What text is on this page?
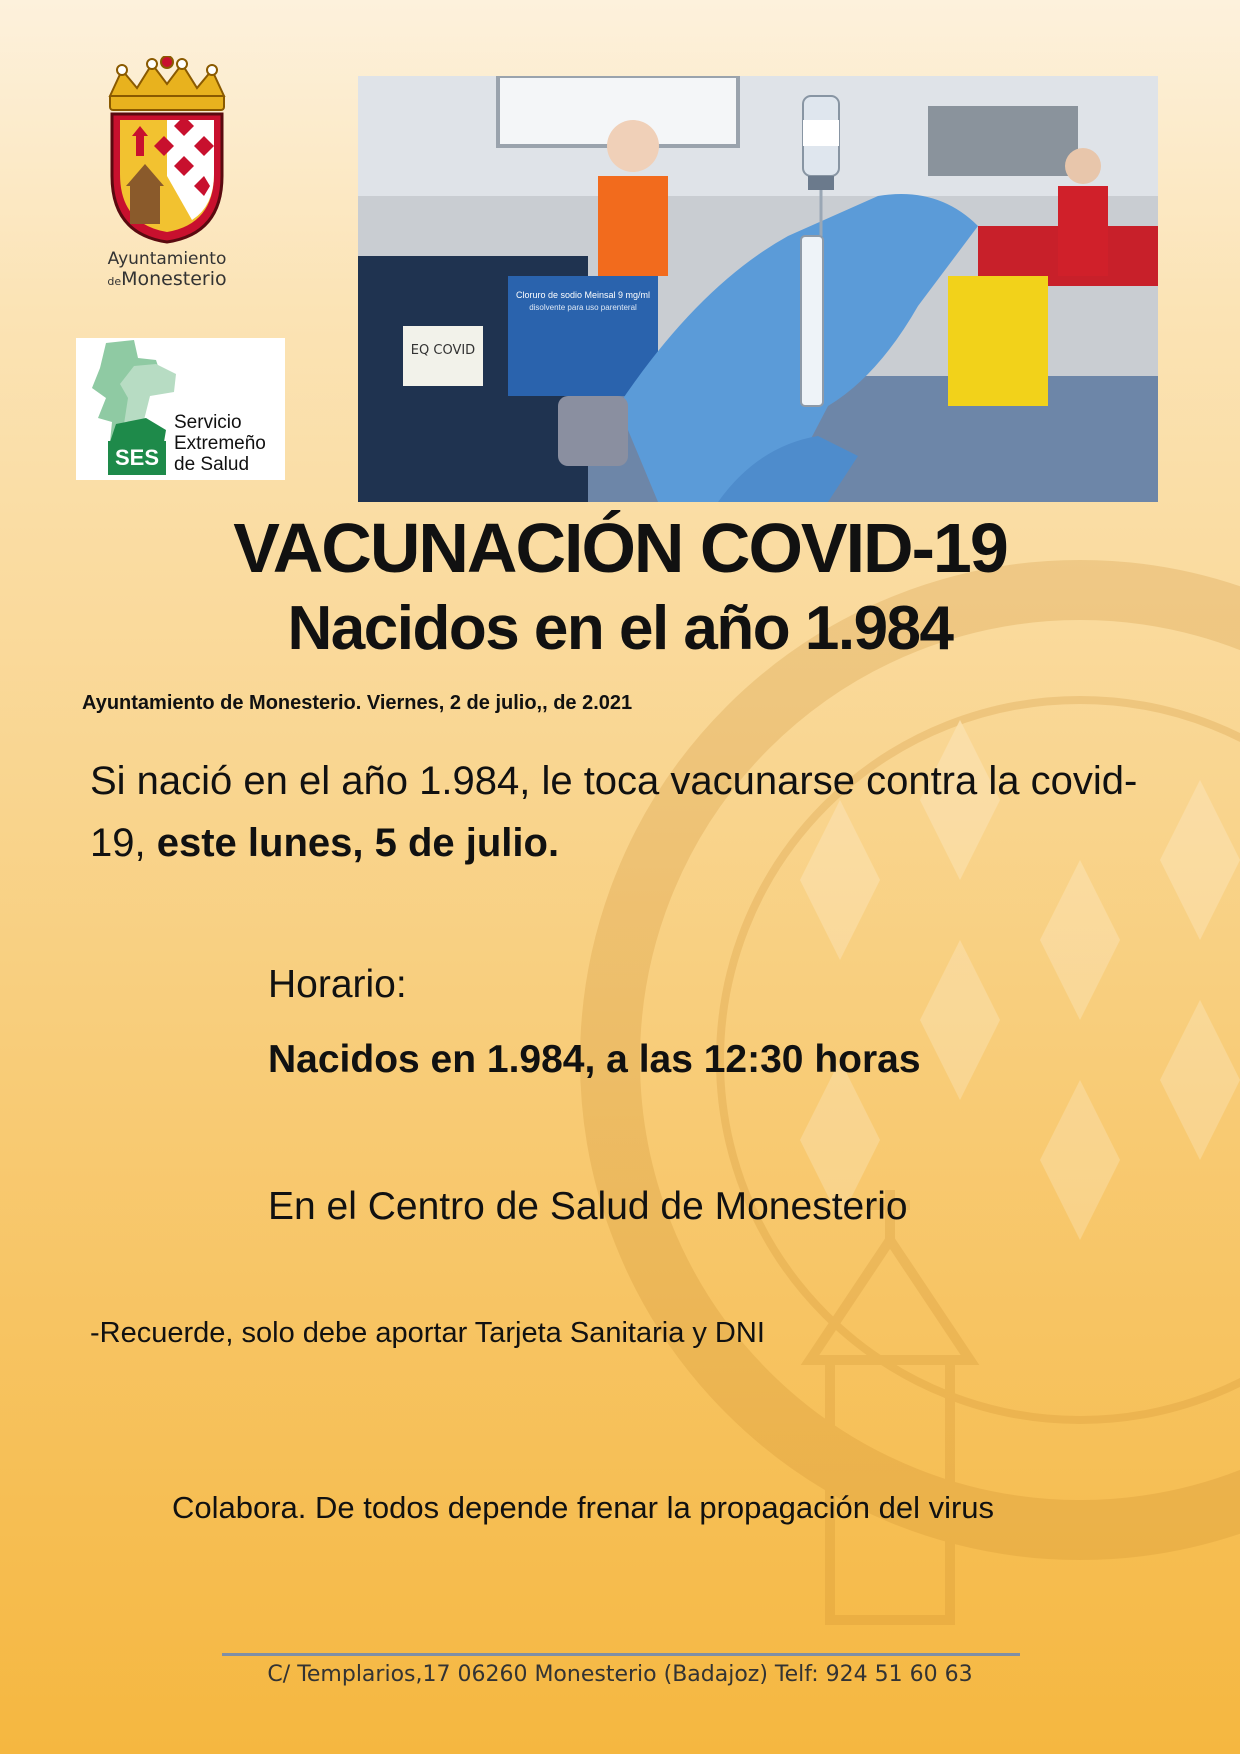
Ayuntamiento
deMonesterio
SES
Servicio
Extremeño
de Salud
EQ COVID
Cloruro de sodio Meinsal 9 mg/ml
disolvente para uso parenteral
VACUNACIÓN COVID-19
Nacidos en el año 1.984
Ayuntamiento de Monesterio. Viernes, 2 de julio,, de 2.021
Si nació en el año 1.984, le toca vacunarse contra la covid-19, este lunes, 5 de julio.
Horario:
Nacidos en 1.984, a las 12:30 horas
En el Centro de Salud de Monesterio
-Recuerde, solo debe aportar Tarjeta Sanitaria y DNI
Colabora. De todos depende frenar la propagación del virus
C/ Templarios,17 06260 Monesterio (Badajoz) Telf: 924 51 60 63
